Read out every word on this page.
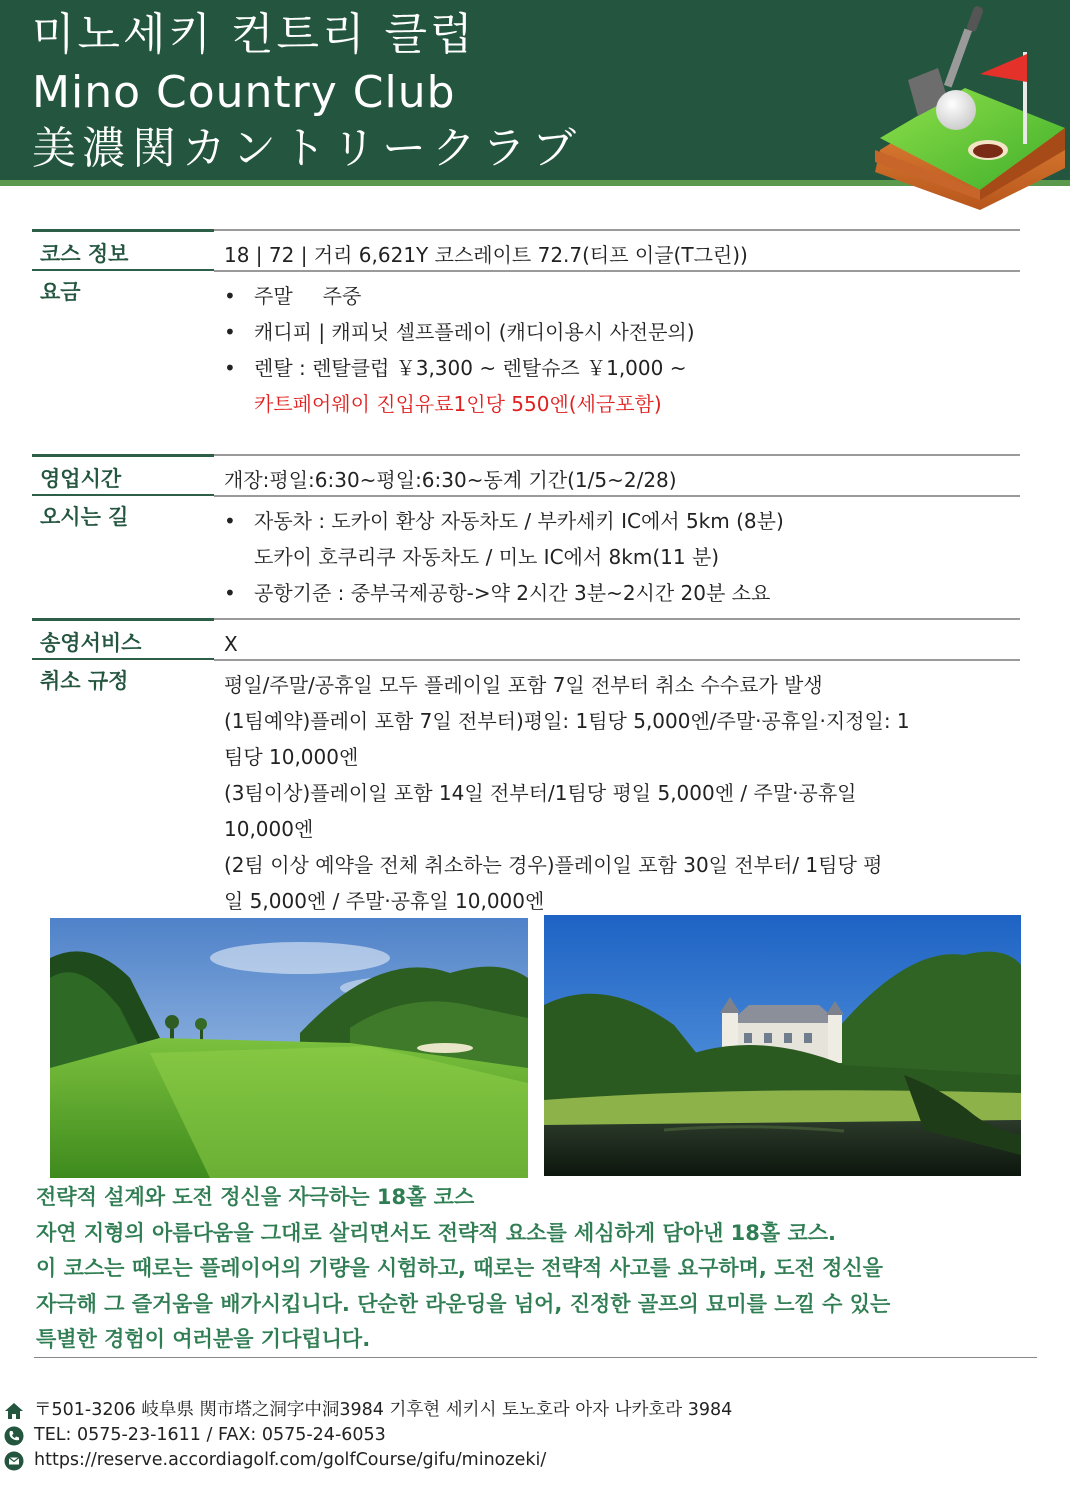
미노세키 컨트리 클럽
Mino Country Club
美濃関カントリークラブ
코스 정보	18 | 72 | 거리 6,621Y 코스레이트 72.7(티프 이글(T그린))
요금	• 주말 주중
• 캐디피 | 캐피닛 셀프플레이 (캐디이용시 사전문의)
• 렌탈 : 렌탈클럽 ￥3,300 ~ 렌탈슈즈 ￥1,000 ~
카트페어웨이 진입유료1인당 550엔(세금포함)
영업시간	개장:평일:6:30~평일:6:30~동계 기간(1/5~2/28)
오시는 길	• 자동차 : 도카이 환상 자동차도 / 부카세키 IC에서 5km (8분)
도카이 호쿠리쿠 자동차도 / 미노 IC에서 8km(11 분)
• 공항기준 : 중부국제공항->약 2시간 3분~2시간 20분 소요
송영서비스	X
취소 규정	평일/주말/공휴일 모두 플레이일 포함 7일 전부터 취소 수수료가 발생
(1팀예약)플레이 포함 7일 전부터)평일: 1팀당 5,000엔/주말·공휴일·지정일: 1
팀당 10,000엔
(3팀이상)플레이일 포함 14일 전부터/1팀당 평일 5,000엔 / 주말·공휴일
10,000엔
(2팀 이상 예약을 전체 취소하는 경우)플레이일 포함 30일 전부터/ 1팀당 평
일 5,000엔 / 주말·공휴일 10,000엔
전략적 설계와 도전 정신을 자극하는 18홀 코스
자연 지형의 아름다움을 그대로 살리면서도 전략적 요소를 세심하게 담아낸 18홀 코스.
이 코스는 때로는 플레이어의 기량을 시험하고, 때로는 전략적 사고를 요구하며, 도전 정신을
자극해 그 즐거움을 배가시킵니다. 단순한 라운딩을 넘어, 진정한 골프의 묘미를 느낄 수 있는
특별한 경험이 여러분을 기다립니다.
〒501-3206 岐阜県 関市塔之洞字中洞3984 기후현 세키시 토노호라 아자 나카호라 3984
TEL: 0575-23-1611 / FAX: 0575-24-6053
https://reserve.accordiagolf.com/golfCourse/gifu/minozeki/
